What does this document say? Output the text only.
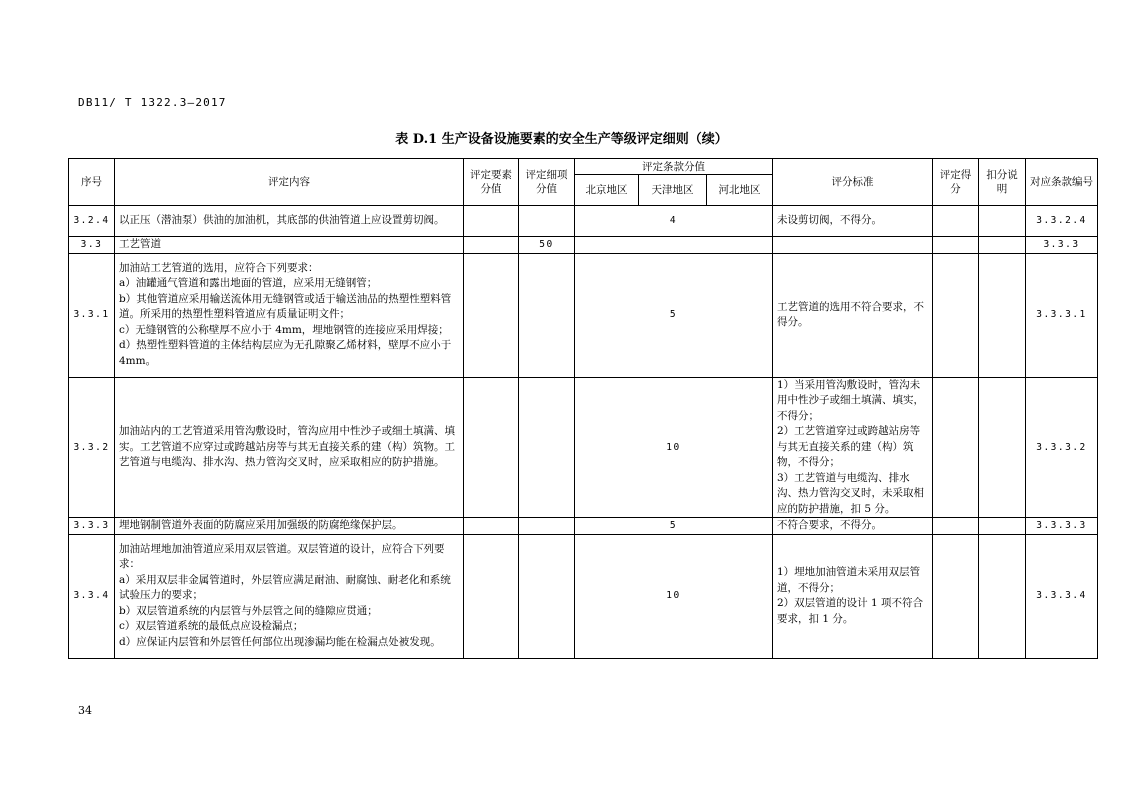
DB11/ T 1322.3—2017
表 D.1 生产设备设施要素的安全生产等级评定细则（续）
序号	评定内容	评定要素分值	评定细项分值	评定条款分值			评分标准	评定得分	扣分说明	对应条款编号
				北京地区	天津地区	河北地区				
3.2.4	以正压（潜油泵）供油的加油机，其底部的供油管道上应设置剪切阀。			4			未设剪切阀，不得分。			3.3.2.4
3.3	工艺管道		50							3.3.3
3.3.1	加油站工艺管道的选用，应符合下列要求：
a）油罐通气管道和露出地面的管道，应采用无缝钢管；
b）其他管道应采用输送流体用无缝钢管或适于输送油品的热塑性塑料管道。所采用的热塑性塑料管道应有质量证明文件；
c）无缝钢管的公称壁厚不应小于 4mm，埋地钢管的连接应采用焊接；
d）热塑性塑料管道的主体结构层应为无孔隙聚乙烯材料，壁厚不应小于 4mm。			5			工艺管道的选用不符合要求，不得分。			3.3.3.1
3.3.2	加油站内的工艺管道采用管沟敷设时，管沟应用中性沙子或细土填满、填实。工艺管道不应穿过或跨越站房等与其无直接关系的建（构）筑物。工艺管道与电缆沟、排水沟、热力管沟交叉时，应采取相应的防护措施。			10			1）当采用管沟敷设时，管沟未用中性沙子或细土填满、填实，不得分；
2）工艺管道穿过或跨越站房等与其无直接关系的建（构）筑物，不得分；
3）工艺管道与电缆沟、排水沟、热力管沟交叉时，未采取相应的防护措施，扣 5 分。			3.3.3.2
3.3.3	埋地钢制管道外表面的防腐应采用加强级的防腐绝缘保护层。			5			不符合要求，不得分。			3.3.3.3
3.3.4	加油站埋地加油管道应采用双层管道。双层管道的设计，应符合下列要求：
a）采用双层非金属管道时，外层管应满足耐油、耐腐蚀、耐老化和系统试验压力的要求；
b）双层管道系统的内层管与外层管之间的缝隙应贯通；
c）双层管道系统的最低点应设检漏点；
d）应保证内层管和外层管任何部位出现渗漏均能在检漏点处被发现。			10			1）埋地加油管道未采用双层管道，不得分；
2）双层管道的设计 1 项不符合要求，扣 1 分。			3.3.3.4
34
